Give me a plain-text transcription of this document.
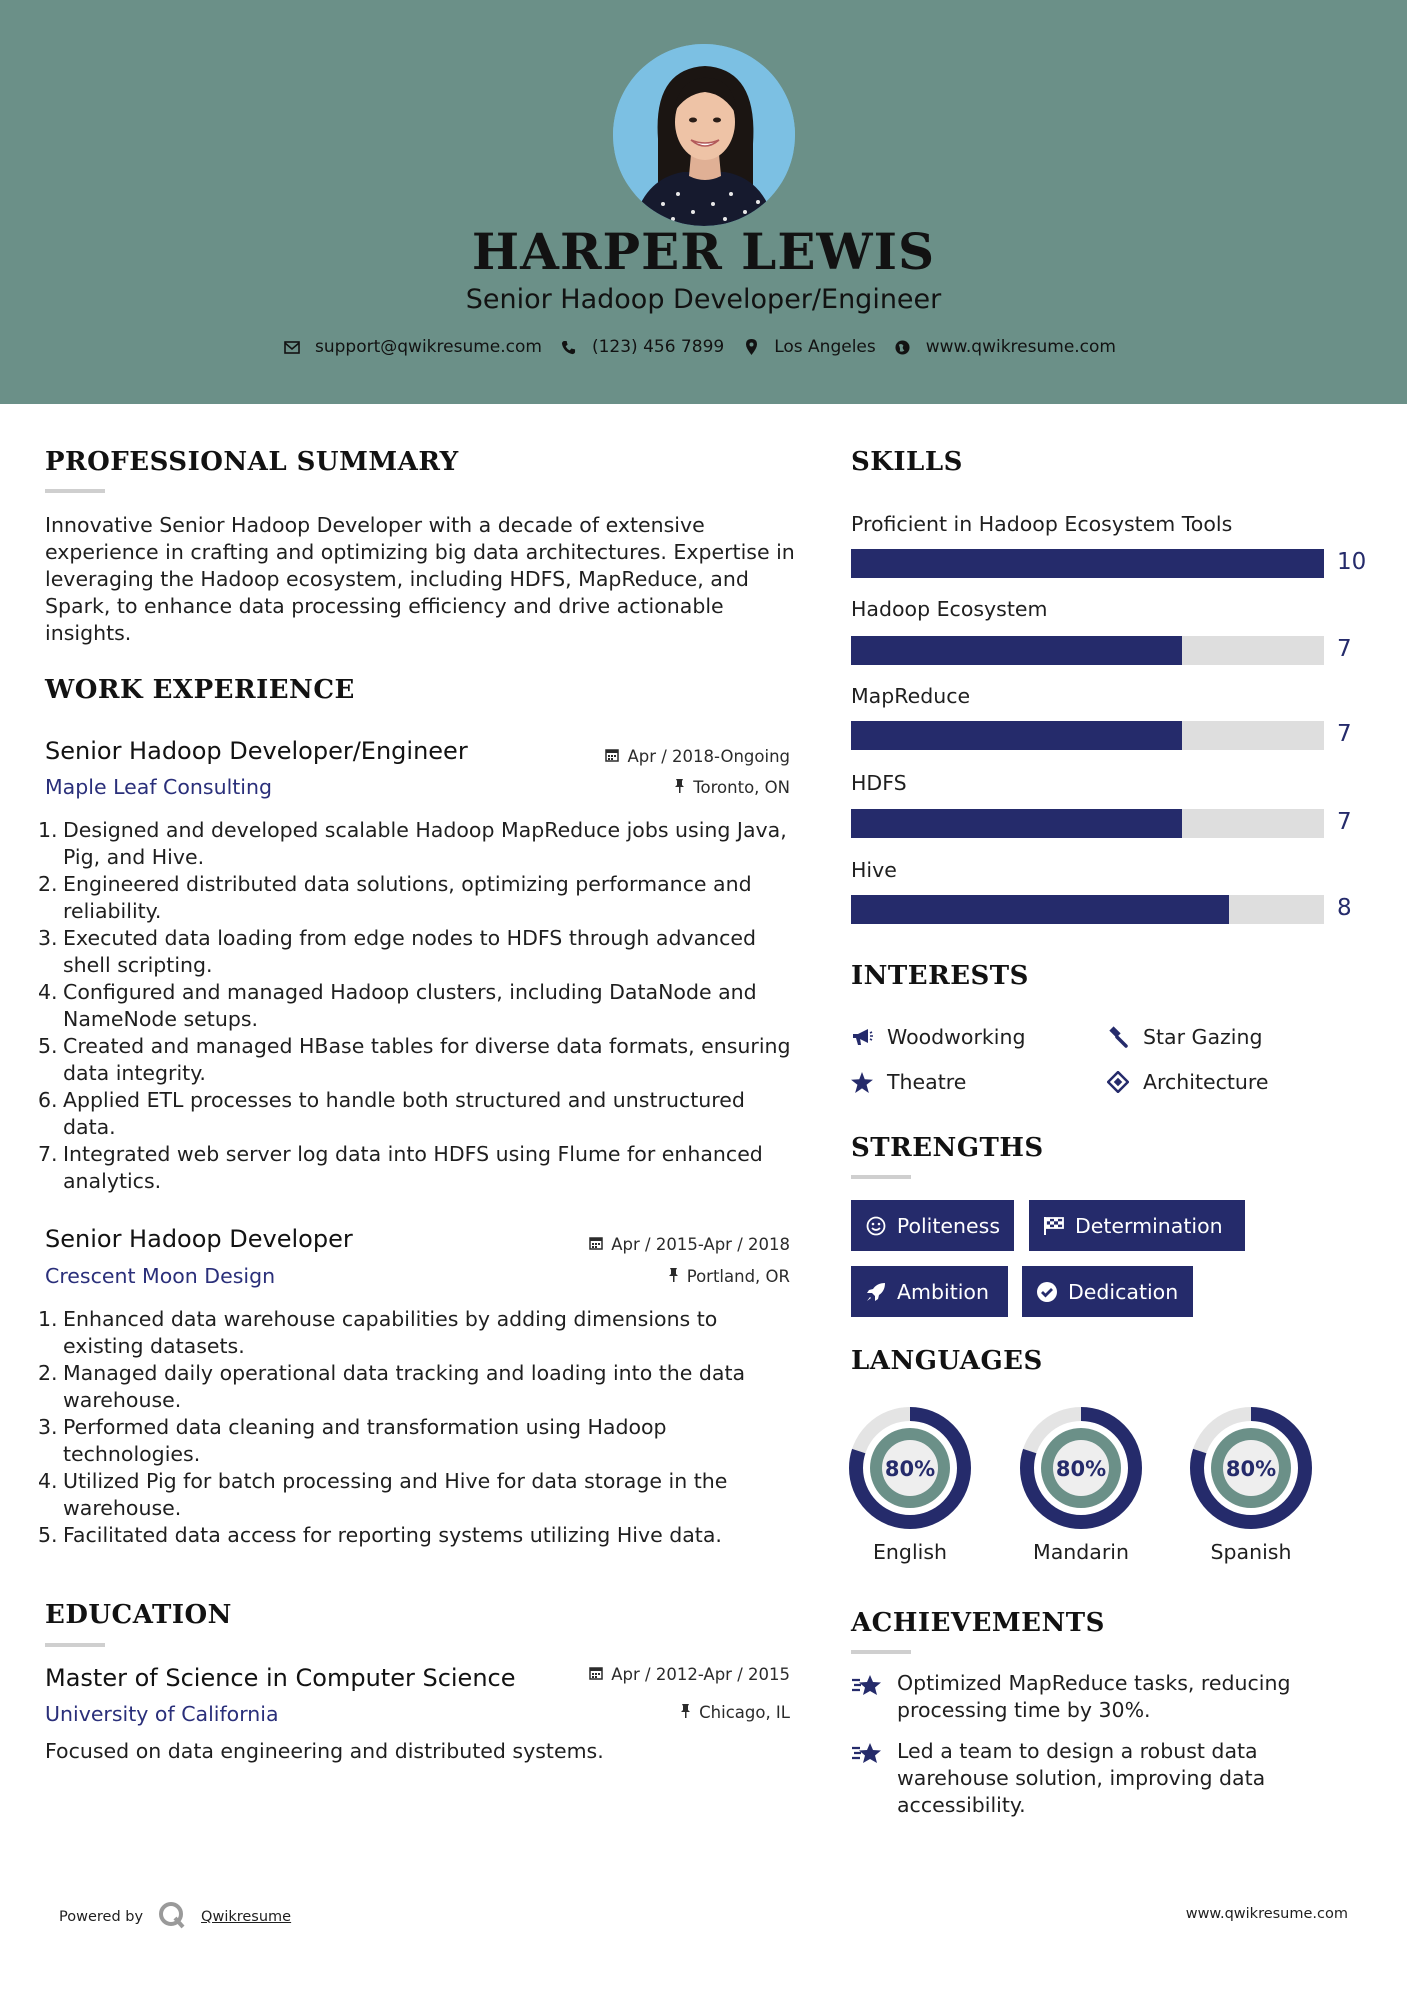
HARPER LEWIS
Senior Hadoop Developer/Engineer
support@qwikresume.com	(123) 456 7899	Los Angeles	www.qwikresume.com
PROFESSIONAL SUMMARY
Innovative Senior Hadoop Developer with a decade of extensive experience in crafting and optimizing big data architectures. Expertise in leveraging the Hadoop ecosystem, including HDFS, MapReduce, and Spark, to enhance data processing efficiency and drive actionable insights.
WORK EXPERIENCE
Senior Hadoop Developer/Engineer	Apr / 2018-Ongoing
Maple Leaf Consulting	Toronto, ON
1. Designed and developed scalable Hadoop MapReduce jobs using Java, Pig, and Hive.
2. Engineered distributed data solutions, optimizing performance and reliability.
3. Executed data loading from edge nodes to HDFS through advanced shell scripting.
4. Configured and managed Hadoop clusters, including DataNode and NameNode setups.
5. Created and managed HBase tables for diverse data formats, ensuring data integrity.
6. Applied ETL processes to handle both structured and unstructured data.
7. Integrated web server log data into HDFS using Flume for enhanced analytics.
Senior Hadoop Developer	Apr / 2015-Apr / 2018
Crescent Moon Design	Portland, OR
1. Enhanced data warehouse capabilities by adding dimensions to existing datasets.
2. Managed daily operational data tracking and loading into the data warehouse.
3. Performed data cleaning and transformation using Hadoop technologies.
4. Utilized Pig for batch processing and Hive for data storage in the warehouse.
5. Facilitated data access for reporting systems utilizing Hive data.
EDUCATION
Master of Science in Computer Science	Apr / 2012-Apr / 2015
University of California	Chicago, IL
Focused on data engineering and distributed systems.
SKILLS
Proficient in Hadoop Ecosystem Tools
10
Hadoop Ecosystem
7
MapReduce
7
HDFS
7
Hive
8
INTERESTS
Woodworking	Star Gazing
Theatre	Architecture
STRENGTHS
Politeness	Determination
Ambition	Dedication
LANGUAGES
80%
English
80%
Mandarin
80%
Spanish
ACHIEVEMENTS
Optimized MapReduce tasks, reducing processing time by 30%.
Led a team to design a robust data warehouse solution, improving data accessibility.
Powered by	Qwikresume	www.qwikresume.com
